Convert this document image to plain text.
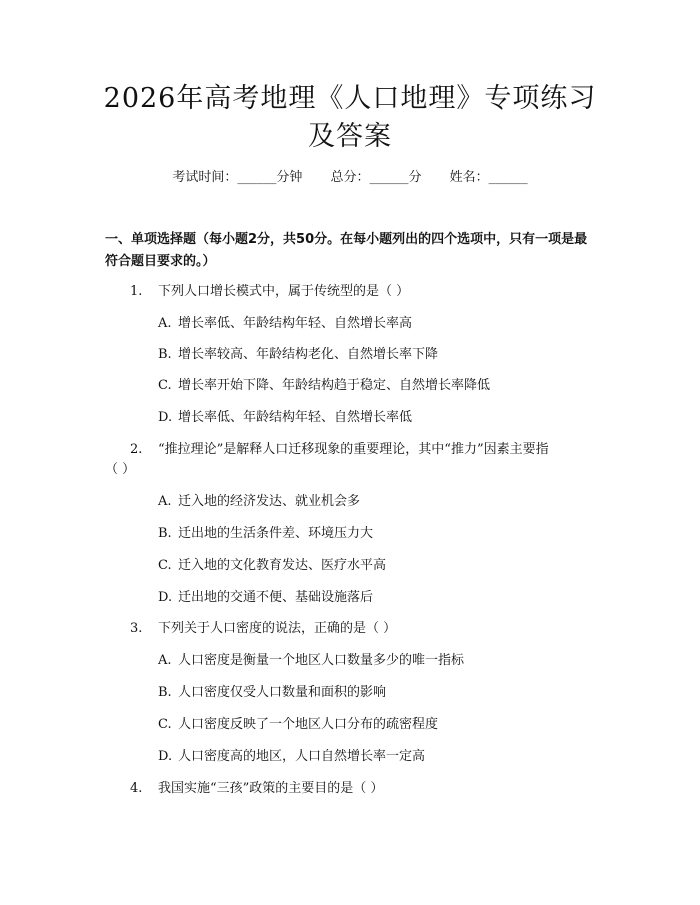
2026年高考地理《人口地理》专项练习及答案
考试时间：______分钟 总分：______分 姓名：______

一、单项选择题（每小题2分，共50分。在每小题列出的四个选项中，只有一项是最符合题目要求的。）

1. 下列人口增长模式中，属于传统型的是（ ）
A. 增长率低、年龄结构年轻、自然增长率高
B. 增长率较高、年龄结构老化、自然增长率下降
C. 增长率开始下降、年龄结构趋于稳定、自然增长率降低
D. 增长率低、年龄结构年轻、自然增长率低
2. “推拉理论”是解释人口迁移现象的重要理论，其中“推力”因素主要指
（ ）
A. 迁入地的经济发达、就业机会多
B. 迁出地的生活条件差、环境压力大
C. 迁入地的文化教育发达、医疗水平高
D. 迁出地的交通不便、基础设施落后
3. 下列关于人口密度的说法，正确的是（ ）
A. 人口密度是衡量一个地区人口数量多少的唯一指标
B. 人口密度仅受人口数量和面积的影响
C. 人口密度反映了一个地区人口分布的疏密程度
D. 人口密度高的地区，人口自然增长率一定高
4. 我国实施“三孩”政策的主要目的是（ ）
